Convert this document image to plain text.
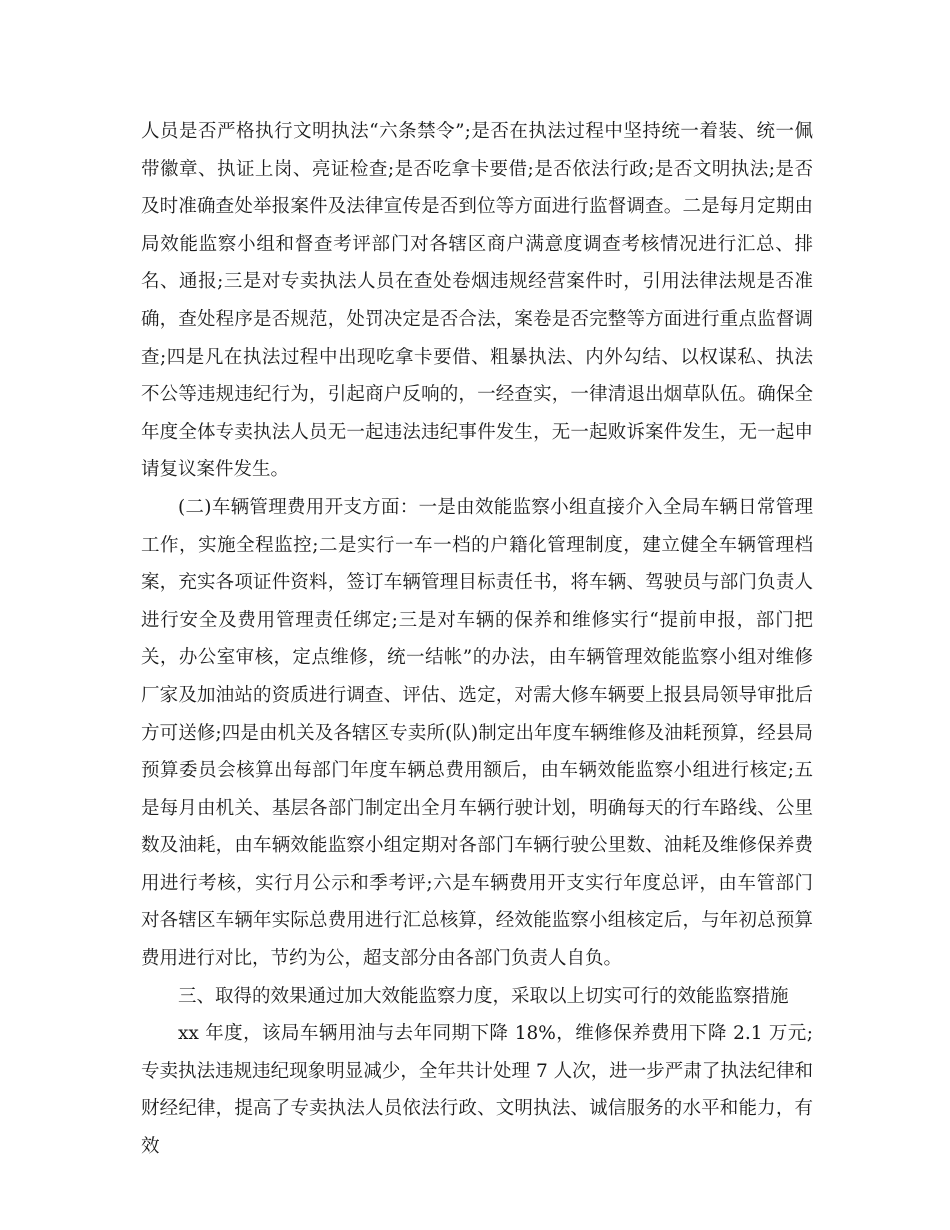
人员是否严格执行文明执法“六条禁令”;是否在执法过程中坚持统一着装、统一佩带徽章、执证上岗、亮证检查;是否吃拿卡要借;是否依法行政;是否文明执法;是否及时准确查处举报案件及法律宣传是否到位等方面进行监督调查。二是每月定期由局效能监察小组和督查考评部门对各辖区商户满意度调查考核情况进行汇总、排名、通报;三是对专卖执法人员在查处卷烟违规经营案件时，引用法律法规是否准确，查处程序是否规范，处罚决定是否合法，案卷是否完整等方面进行重点监督调查;四是凡在执法过程中出现吃拿卡要借、粗暴执法、内外勾结、以权谋私、执法不公等违规违纪行为，引起商户反响的，一经查实，一律清退出烟草队伍。确保全年度全体专卖执法人员无一起违法违纪事件发生，无一起败诉案件发生，无一起申请复议案件发生。

(二)车辆管理费用开支方面：一是由效能监察小组直接介入全局车辆日常管理工作，实施全程监控;二是实行一车一档的户籍化管理制度，建立健全车辆管理档案，充实各项证件资料，签订车辆管理目标责任书，将车辆、驾驶员与部门负责人进行安全及费用管理责任绑定;三是对车辆的保养和维修实行“提前申报，部门把关，办公室审核，定点维修，统一结帐”的办法，由车辆管理效能监察小组对维修厂家及加油站的资质进行调查、评估、选定，对需大修车辆要上报县局领导审批后方可送修;四是由机关及各辖区专卖所(队)制定出年度车辆维修及油耗预算，经县局预算委员会核算出每部门年度车辆总费用额后，由车辆效能监察小组进行核定;五是每月由机关、基层各部门制定出全月车辆行驶计划，明确每天的行车路线、公里数及油耗，由车辆效能监察小组定期对各部门车辆行驶公里数、油耗及维修保养费用进行考核，实行月公示和季考评;六是车辆费用开支实行年度总评，由车管部门对各辖区车辆年实际总费用进行汇总核算，经效能监察小组核定后，与年初总预算费用进行对比，节约为公，超支部分由各部门负责人自负。

三、取得的效果通过加大效能监察力度，采取以上切实可行的效能监察措施

xx 年度，该局车辆用油与去年同期下降 18%，维修保养费用下降 2.1 万元;专卖执法违规违纪现象明显减少，全年共计处理 7 人次，进一步严肃了执法纪律和财经纪律，提高了专卖执法人员依法行政、文明执法、诚信服务的水平和能力，有效
